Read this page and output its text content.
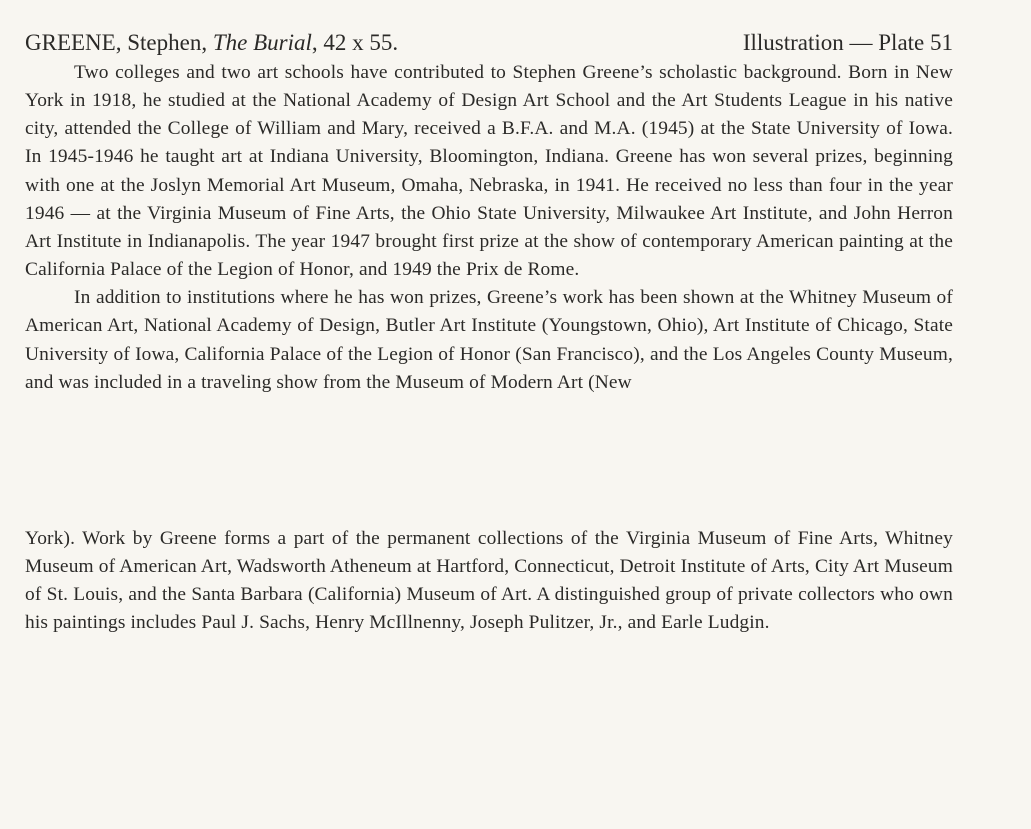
GREENE, Stephen, The Burial, 42 x 55.	Illustration — Plate 51

Two colleges and two art schools have contributed to Stephen Greene’s scholastic background. Born in New York in 1918, he studied at the National Academy of Design Art School and the Art Students League in his native city, attended the College of William and Mary, received a B.F.A. and M.A. (1945) at the State University of Iowa. In 1945-1946 he taught art at Indiana University, Bloomington, Indiana. Greene has won several prizes, beginning with one at the Joslyn Memorial Art Museum, Omaha, Nebraska, in 1941. He received no less than four in the year 1946 — at the Virginia Museum of Fine Arts, the Ohio State University, Milwaukee Art Institute, and John Herron Art Institute in Indianapolis. The year 1947 brought first prize at the show of contemporary American painting at the California Palace of the Legion of Honor, and 1949 the Prix de Rome.

In addition to institutions where he has won prizes, Greene’s work has been shown at the Whitney Museum of American Art, National Academy of Design, Butler Art Institute (Youngstown, Ohio), Art Institute of Chicago, State University of Iowa, California Palace of the Legion of Honor (San Francisco), and the Los Angeles County Museum, and was included in a traveling show from the Museum of Modern Art (New

York). Work by Greene forms a part of the permanent collections of the Virginia Museum of Fine Arts, Whitney Museum of American Art, Wadsworth Atheneum at Hartford, Connecticut, Detroit Institute of Arts, City Art Museum of St. Louis, and the Santa Barbara (California) Museum of Art. A distinguished group of private collectors who own his paintings includes Paul J. Sachs, Henry McIllnenny, Joseph Pulitzer, Jr., and Earle Ludgin.
